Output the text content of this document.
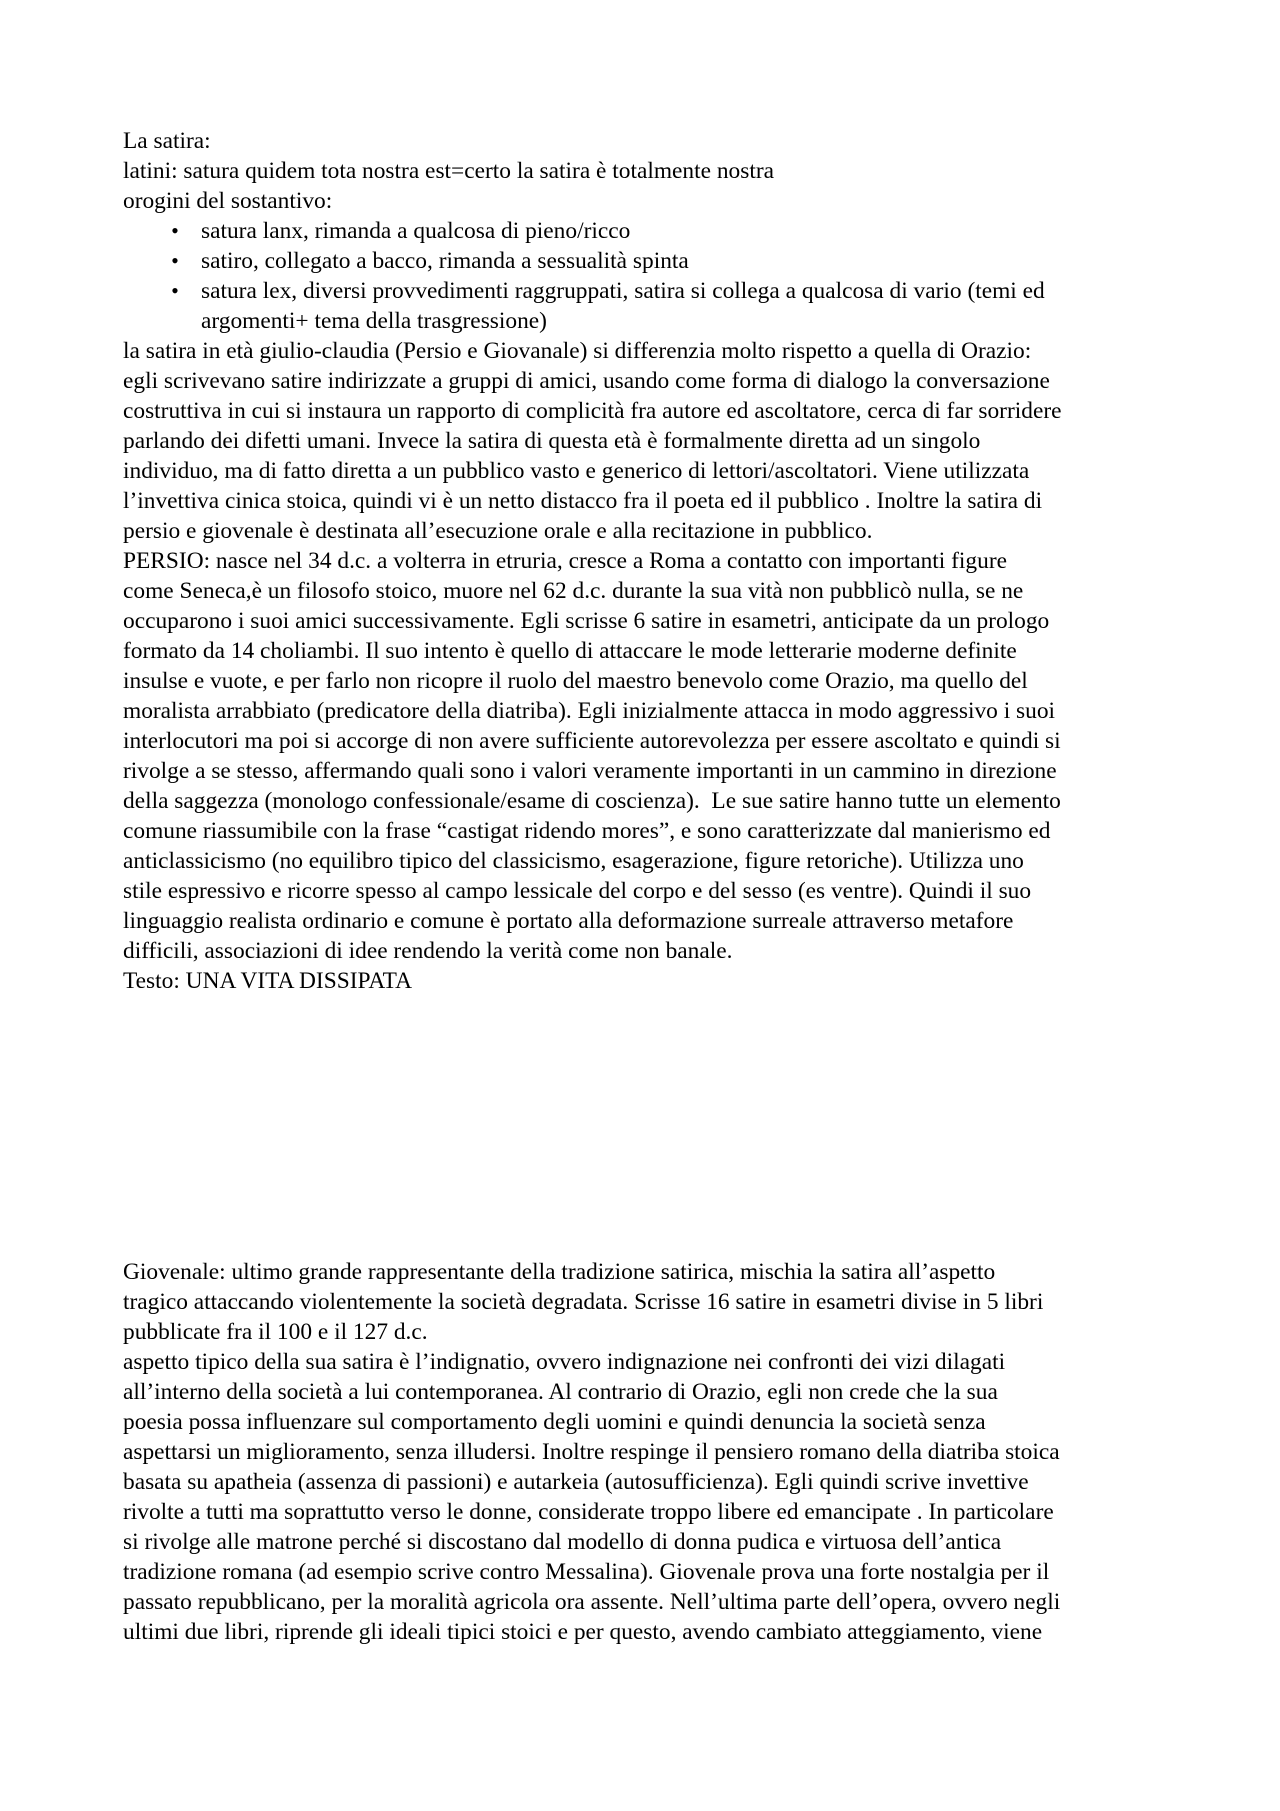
La satira:
latini: satura quidem tota nostra est=certo la satira è totalmente nostra
orogini del sostantivo:
• satura lanx, rimanda a qualcosa di pieno/ricco
• satiro, collegato a bacco, rimanda a sessualità spinta
• satura lex, diversi provvedimenti raggruppati, satira si collega a qualcosa di vario (temi ed
argomenti+ tema della trasgressione)
la satira in età giulio-claudia (Persio e Giovanale) si differenzia molto rispetto a quella di Orazio:
egli scrivevano satire indirizzate a gruppi di amici, usando come forma di dialogo la conversazione
costruttiva in cui si instaura un rapporto di complicità fra autore ed ascoltatore, cerca di far sorridere
parlando dei difetti umani. Invece la satira di questa età è formalmente diretta ad un singolo
individuo, ma di fatto diretta a un pubblico vasto e generico di lettori/ascoltatori. Viene utilizzata
l’invettiva cinica stoica, quindi vi è un netto distacco fra il poeta ed il pubblico . Inoltre la satira di
persio e giovenale è destinata all’esecuzione orale e alla recitazione in pubblico.
PERSIO: nasce nel 34 d.c. a volterra in etruria, cresce a Roma a contatto con importanti figure
come Seneca,è un filosofo stoico, muore nel 62 d.c. durante la sua vità non pubblicò nulla, se ne
occuparono i suoi amici successivamente. Egli scrisse 6 satire in esametri, anticipate da un prologo
formato da 14 choliambi. Il suo intento è quello di attaccare le mode letterarie moderne definite
insulse e vuote, e per farlo non ricopre il ruolo del maestro benevolo come Orazio, ma quello del
moralista arrabbiato (predicatore della diatriba). Egli inizialmente attacca in modo aggressivo i suoi
interlocutori ma poi si accorge di non avere sufficiente autorevolezza per essere ascoltato e quindi si
rivolge a se stesso, affermando quali sono i valori veramente importanti in un cammino in direzione
della saggezza (monologo confessionale/esame di coscienza).  Le sue satire hanno tutte un elemento
comune riassumibile con la frase “castigat ridendo mores”, e sono caratterizzate dal manierismo ed
anticlassicismo (no equilibro tipico del classicismo, esagerazione, figure retoriche). Utilizza uno
stile espressivo e ricorre spesso al campo lessicale del corpo e del sesso (es ventre). Quindi il suo
linguaggio realista ordinario e comune è portato alla deformazione surreale attraverso metafore
difficili, associazioni di idee rendendo la verità come non banale.
Testo: UNA VITA DISSIPATA
Giovenale: ultimo grande rappresentante della tradizione satirica, mischia la satira all’aspetto
tragico attaccando violentemente la società degradata. Scrisse 16 satire in esametri divise in 5 libri
pubblicate fra il 100 e il 127 d.c.
aspetto tipico della sua satira è l’indignatio, ovvero indignazione nei confronti dei vizi dilagati
all’interno della società a lui contemporanea. Al contrario di Orazio, egli non crede che la sua
poesia possa influenzare sul comportamento degli uomini e quindi denuncia la società senza
aspettarsi un miglioramento, senza illudersi. Inoltre respinge il pensiero romano della diatriba stoica
basata su apatheia (assenza di passioni) e autarkeia (autosufficienza). Egli quindi scrive invettive
rivolte a tutti ma soprattutto verso le donne, considerate troppo libere ed emancipate . In particolare
si rivolge alle matrone perché si discostano dal modello di donna pudica e virtuosa dell’antica
tradizione romana (ad esempio scrive contro Messalina). Giovenale prova una forte nostalgia per il
passato repubblicano, per la moralità agricola ora assente. Nell’ultima parte dell’opera, ovvero negli
ultimi due libri, riprende gli ideali tipici stoici e per questo, avendo cambiato atteggiamento, viene
